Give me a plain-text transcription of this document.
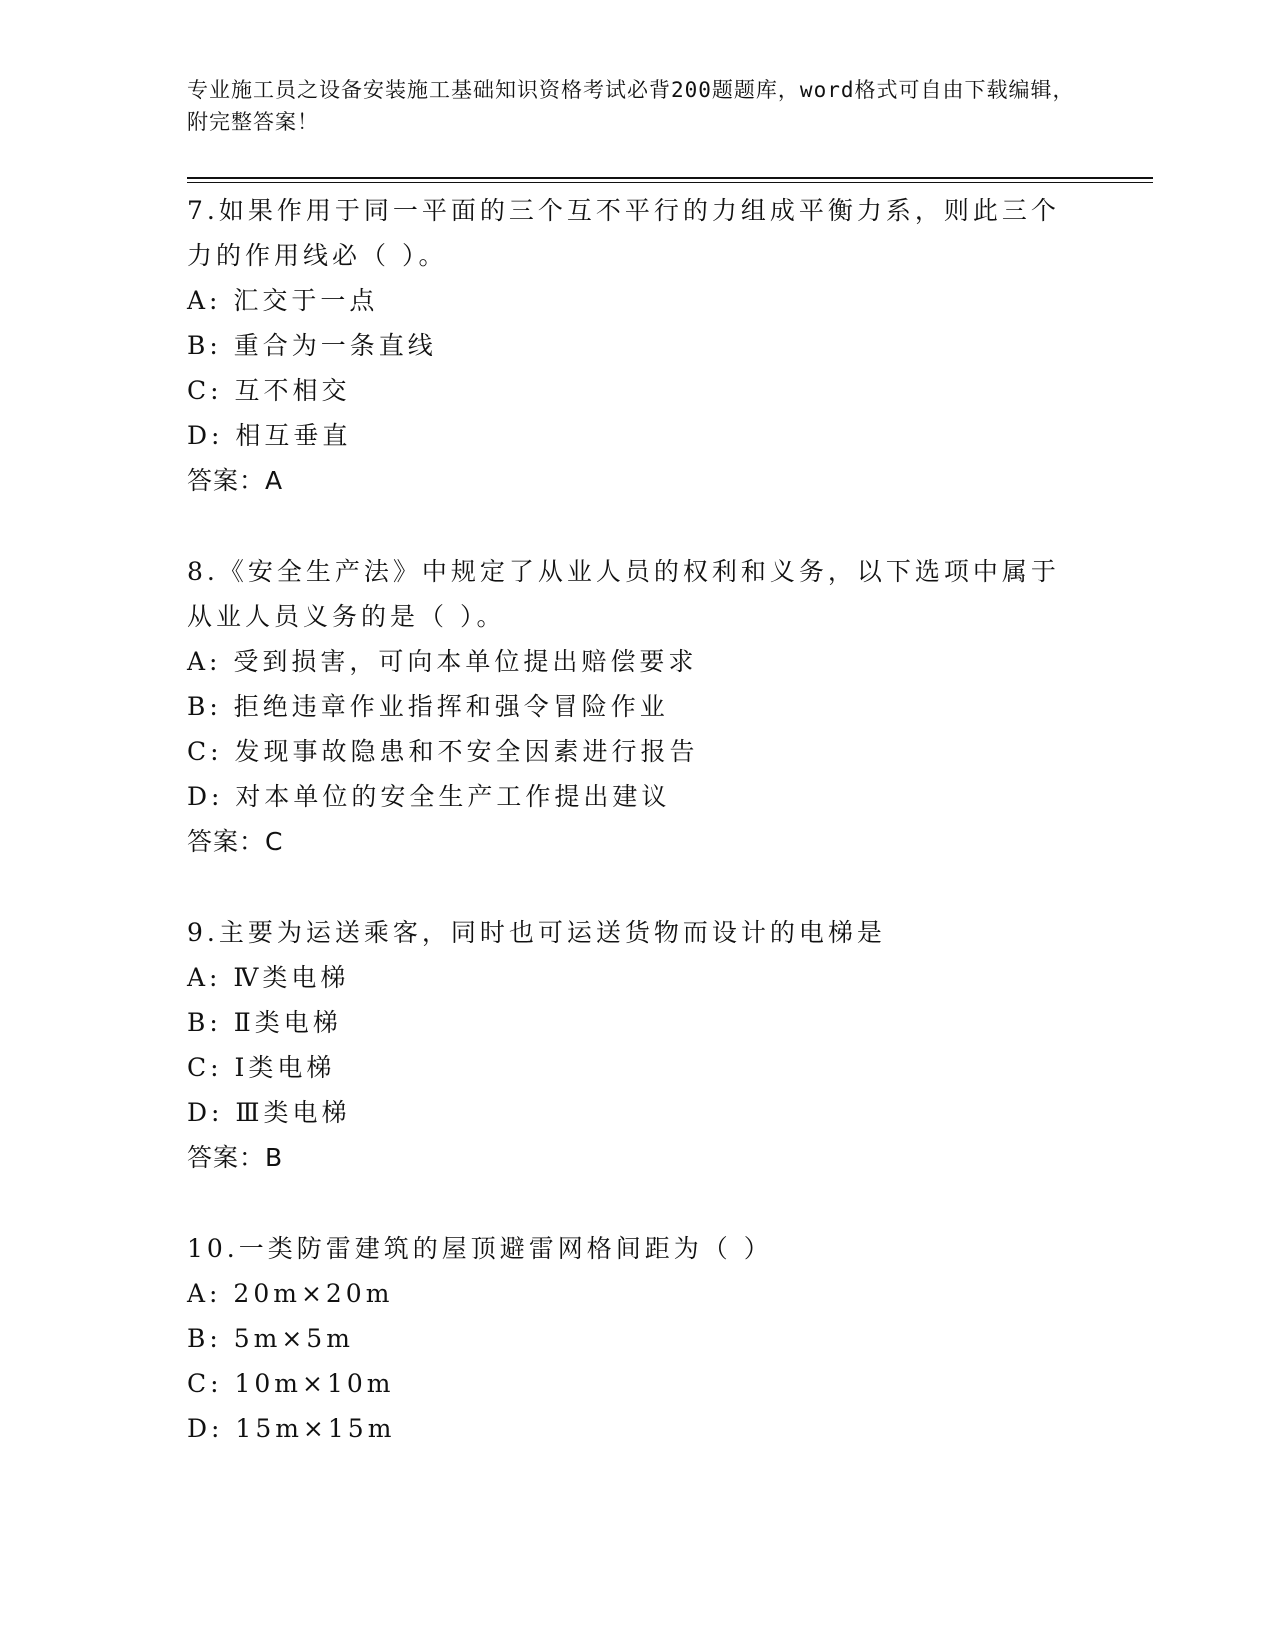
专业施工员之设备安装施工基础知识资格考试必背200题题库，word格式可自由下载编辑，附完整答案！

7.如果作用于同一平面的三个互不平行的力组成平衡力系，则此三个力的作用线必（ ）。

A: 汇交于一点

B: 重合为一条直线

C: 互不相交

D: 相互垂直

答案：A

8.《安全生产法》中规定了从业人员的权利和义务，以下选项中属于从业人员义务的是（ ）。

A: 受到损害，可向本单位提出赔偿要求

B: 拒绝违章作业指挥和强令冒险作业

C: 发现事故隐患和不安全因素进行报告

D: 对本单位的安全生产工作提出建议

答案：C

9.主要为运送乘客，同时也可运送货物而设计的电梯是

A: Ⅳ类电梯

B: Ⅱ类电梯

C: Ⅰ类电梯

D: Ⅲ类电梯

答案：B

10.一类防雷建筑的屋顶避雷网格间距为（ ）

A: 20m×20m

B: 5m×5m

C: 10m×10m

D: 15m×15m
